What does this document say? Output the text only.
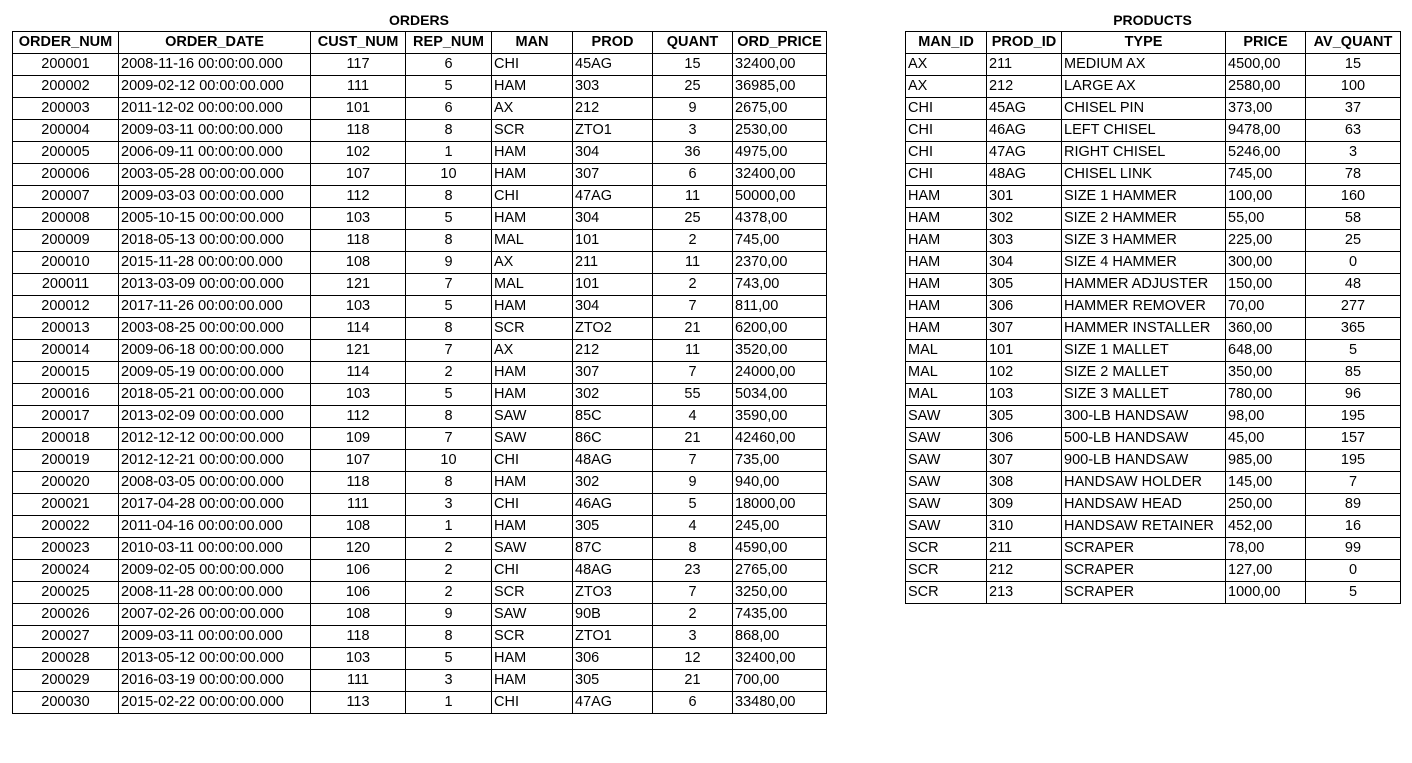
ORDERS
ORDER_NUM	ORDER_DATE	CUST_NUM	REP_NUM	MAN	PROD	QUANT	ORD_PRICE
200001	2008-11-16 00:00:00.000	117	6	CHI	45AG	15	32400,00
200002	2009-02-12 00:00:00.000	111	5	HAM	303	25	36985,00
200003	2011-12-02 00:00:00.000	101	6	AX	212	9	2675,00
200004	2009-03-11 00:00:00.000	118	8	SCR	ZTO1	3	2530,00
200005	2006-09-11 00:00:00.000	102	1	HAM	304	36	4975,00
200006	2003-05-28 00:00:00.000	107	10	HAM	307	6	32400,00
200007	2009-03-03 00:00:00.000	112	8	CHI	47AG	11	50000,00
200008	2005-10-15 00:00:00.000	103	5	HAM	304	25	4378,00
200009	2018-05-13 00:00:00.000	118	8	MAL	101	2	745,00
200010	2015-11-28 00:00:00.000	108	9	AX	211	11	2370,00
200011	2013-03-09 00:00:00.000	121	7	MAL	101	2	743,00
200012	2017-11-26 00:00:00.000	103	5	HAM	304	7	811,00
200013	2003-08-25 00:00:00.000	114	8	SCR	ZTO2	21	6200,00
200014	2009-06-18 00:00:00.000	121	7	AX	212	11	3520,00
200015	2009-05-19 00:00:00.000	114	2	HAM	307	7	24000,00
200016	2018-05-21 00:00:00.000	103	5	HAM	302	55	5034,00
200017	2013-02-09 00:00:00.000	112	8	SAW	85C	4	3590,00
200018	2012-12-12 00:00:00.000	109	7	SAW	86C	21	42460,00
200019	2012-12-21 00:00:00.000	107	10	CHI	48AG	7	735,00
200020	2008-03-05 00:00:00.000	118	8	HAM	302	9	940,00
200021	2017-04-28 00:00:00.000	111	3	CHI	46AG	5	18000,00
200022	2011-04-16 00:00:00.000	108	1	HAM	305	4	245,00
200023	2010-03-11 00:00:00.000	120	2	SAW	87C	8	4590,00
200024	2009-02-05 00:00:00.000	106	2	CHI	48AG	23	2765,00
200025	2008-11-28 00:00:00.000	106	2	SCR	ZTO3	7	3250,00
200026	2007-02-26 00:00:00.000	108	9	SAW	90B	2	7435,00
200027	2009-03-11 00:00:00.000	118	8	SCR	ZTO1	3	868,00
200028	2013-05-12 00:00:00.000	103	5	HAM	306	12	32400,00
200029	2016-03-19 00:00:00.000	111	3	HAM	305	21	700,00
200030	2015-02-22 00:00:00.000	113	1	CHI	47AG	6	33480,00
PRODUCTS
MAN_ID	PROD_ID	TYPE	PRICE	AV_QUANT
AX	211	MEDIUM AX	4500,00	15
AX	212	LARGE AX	2580,00	100
CHI	45AG	CHISEL PIN	373,00	37
CHI	46AG	LEFT CHISEL	9478,00	63
CHI	47AG	RIGHT CHISEL	5246,00	3
CHI	48AG	CHISEL LINK	745,00	78
HAM	301	SIZE 1 HAMMER	100,00	160
HAM	302	SIZE 2 HAMMER	55,00	58
HAM	303	SIZE 3 HAMMER	225,00	25
HAM	304	SIZE 4 HAMMER	300,00	0
HAM	305	HAMMER ADJUSTER	150,00	48
HAM	306	HAMMER REMOVER	70,00	277
HAM	307	HAMMER INSTALLER	360,00	365
MAL	101	SIZE 1 MALLET	648,00	5
MAL	102	SIZE 2 MALLET	350,00	85
MAL	103	SIZE 3 MALLET	780,00	96
SAW	305	300-LB HANDSAW	98,00	195
SAW	306	500-LB HANDSAW	45,00	157
SAW	307	900-LB HANDSAW	985,00	195
SAW	308	HANDSAW HOLDER	145,00	7
SAW	309	HANDSAW HEAD	250,00	89
SAW	310	HANDSAW RETAINER	452,00	16
SCR	211	SCRAPER	78,00	99
SCR	212	SCRAPER	127,00	0
SCR	213	SCRAPER	1000,00	5
